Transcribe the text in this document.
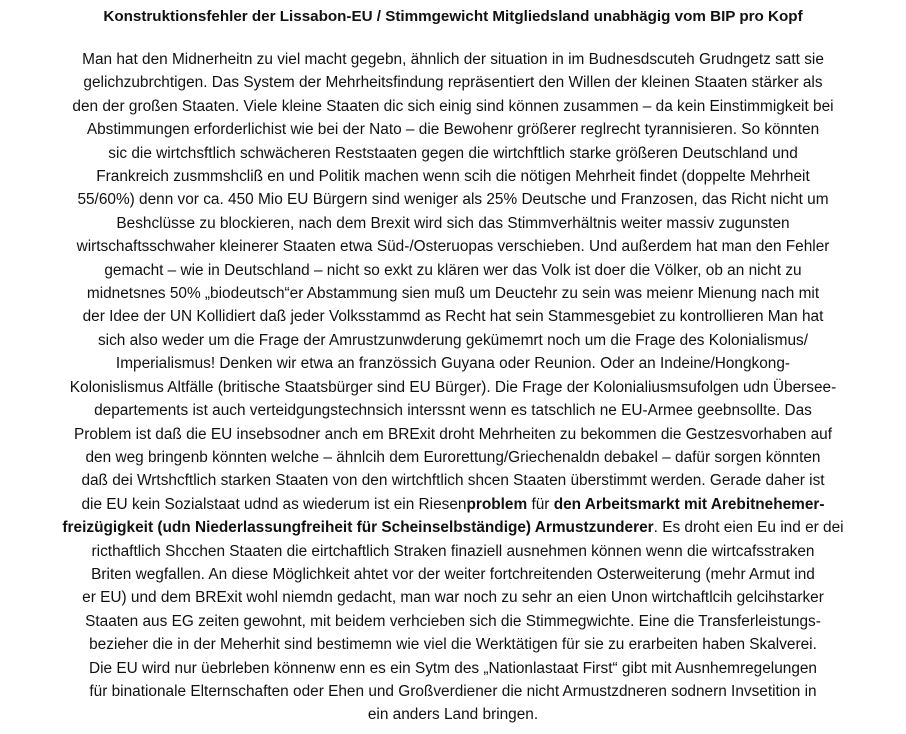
Konstruktionsfehler der Lissabon-EU / Stimmgewicht Mitgliedsland unabhägig vom BIP pro Kopf
Man hat den Midnerheitn zu viel macht gegebn, ähnlich der situation in im Budnesdscuteh Grudngetz satt sie
gelichzubrchtigen. Das System der Mehrheitsfindung repräsentiert den Willen der kleinen Staaten stärker als
den der großen Staaten. Viele kleine Staaten dic sich einig sind können zusammen – da kein Einstimmigkeit bei
Abstimmungen erforderlichist wie bei der Nato – die Bewohenr größerer reglrecht tyrannisieren. So könnten
sic die wirtchsftlich schwächeren Reststaaten gegen die wirtchftlich starke größeren Deutschland und
Frankreich zusmmshcliß en und Politik machen wenn scih die nötigen Mehrheit findet (doppelte Mehrheit
55/60%) denn vor ca. 450 Mio EU Bürgern sind weniger als 25% Deutsche und Franzosen, das Richt nicht um
Beshclüsse zu blockieren, nach dem Brexit wird sich das Stimmverhältnis weiter massiv zugunsten
wirtschaftsschwaher kleinerer Staaten etwa Süd-/Osteruopas verschieben. Und außerdem hat man den Fehler
gemacht – wie in Deutschland – nicht so exkt zu klären wer das Volk ist doer die Völker, ob an nicht zu
midnetsnes 50% „biodeutsch“er Abstammung sien muß um Deuctehr zu sein was meienr Mienung nach mit
der Idee der UN Kollidiert daß jeder Volksstammd as Recht hat sein Stammesgebiet zu kontrollieren Man hat
sich also weder um die Frage der Amrustzunwderung gekümemrt noch um die Frage des Kolonialismus/
Imperialismus! Denken wir etwa an französsich Guyana oder Reunion. Oder an Indeine/Hongkong-
Kolonislismus Altfälle (britische Staatsbürger sind EU Bürger). Die Frage der Kolonialiusmsufolgen udn Übersee-
departements ist auch verteidgungstechnsich interssnt wenn es tatschlich ne EU-Armee geebnsollte. Das
Problem ist daß die EU insebsodner anch em BRExit droht Mehrheiten zu bekommen die Gestzesvorhaben auf
den weg bringenb könnten welche – ähnlcih dem Eurorettung/Griechenaldn debakel – dafür sorgen könnten
daß dei Wrtshcftlich starken Staaten von den wirtchftlich shcen Staaten überstimmt werden. Gerade daher ist
die EU kein Sozialstaat udnd as wiederum ist ein Riesenproblem für den Arbeitsmarkt mit Arebitnehemer-
freizügigkeit (udn Niederlassungfreiheit für Scheinselbständige) Armustzunderer. Es droht eien Eu ind er dei
ricthaftlich Shcchen Staaten die eirtchaftlich Straken finaziell ausnehmen können wenn die wirtcafsstraken
Briten wegfallen. An diese Möglichkeit ahtet vor der weiter fortchreitenden Osterweiterung (mehr Armut ind
er EU) und dem BRExit wohl niemdn gedacht, man war noch zu sehr an eien Unon wirtchaftlcih gelcihstarker
Staaten aus EG zeiten gewohnt, mit beidem verhcieben sich die Stimmegwichte. Eine die Transferleistungs-
bezieher die in der Meherhit sind bestimemn wie viel die Werktätigen für sie zu erarbeiten haben Skalverei.
Die EU wird nur üebrleben könnenw enn es ein Sytm des „Nationlastaat First“ gibt mit Ausnhemregelungen
für binationale Elternschaften oder Ehen und Großverdiener die nicht Armustzdneren sodnern Invsetition in
ein anders Land bringen.
